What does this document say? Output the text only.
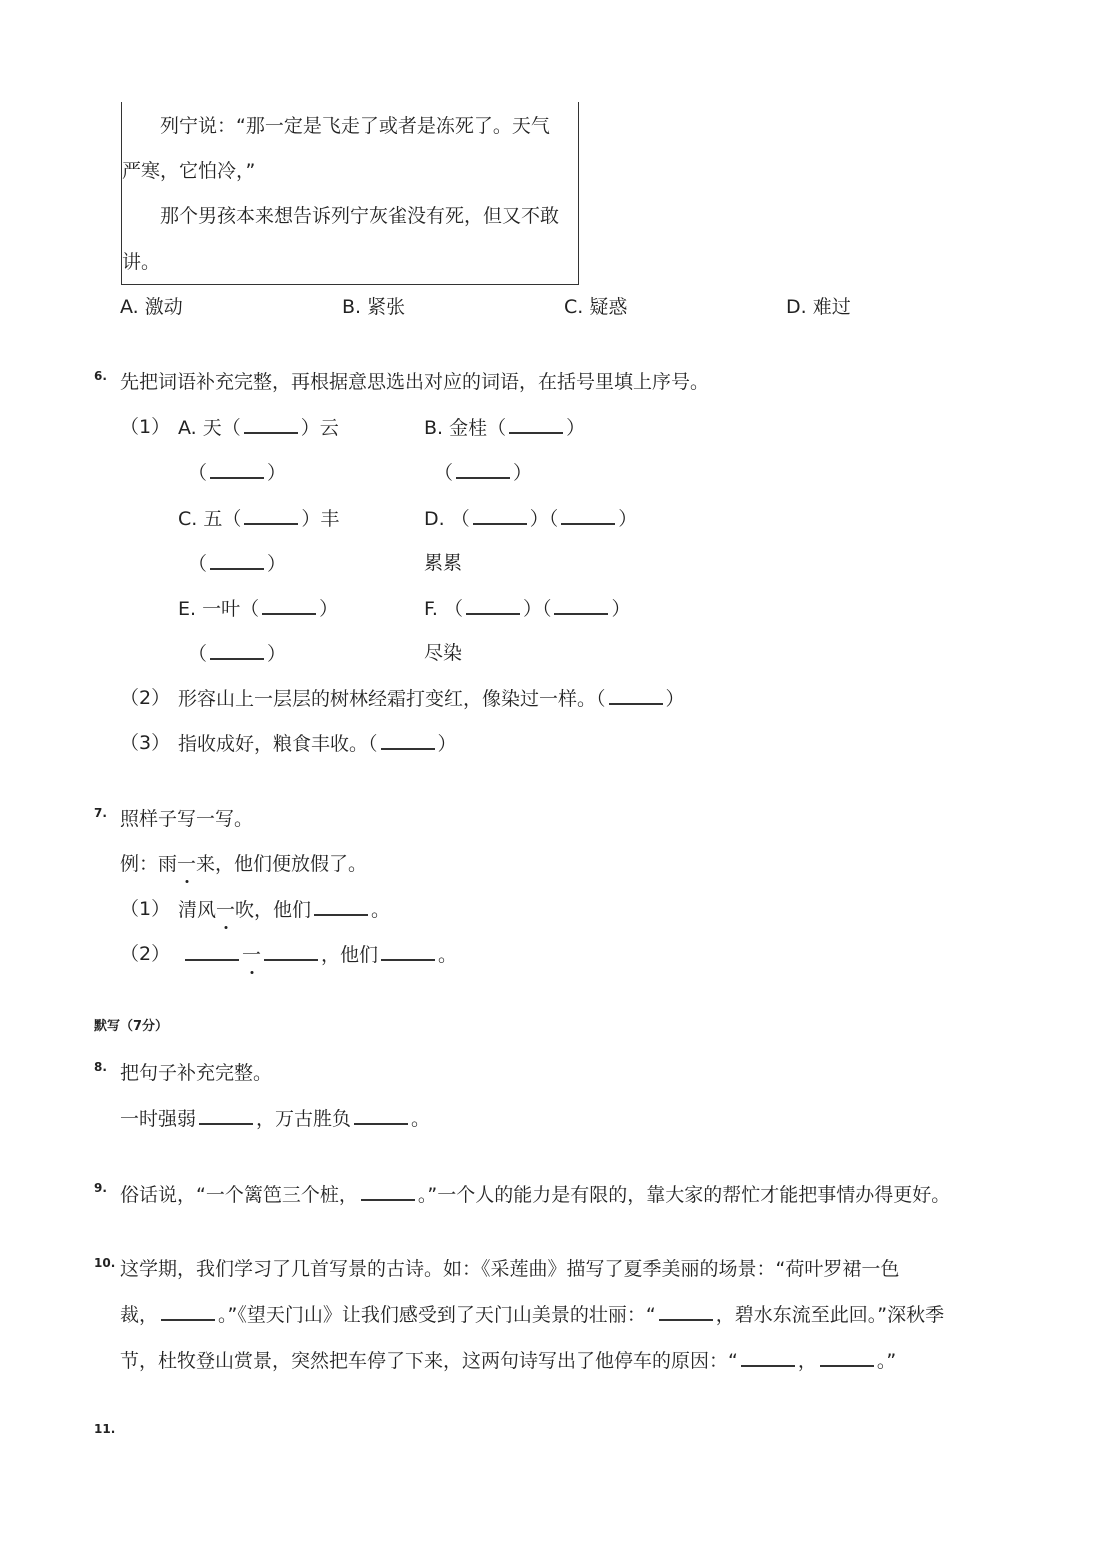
列宁说：“那一定是飞走了或者是冻死了。天气
严寒，它怕冷，”
那个男孩本来想告诉列宁灰雀没有死，但又不敢
讲。
A. 激动	B. 紧张	C. 疑惑	D. 难过
6. 先把词语补充完整，再根据意思选出对应的词语，在括号里填上序号。
（1） A. 天（	）云	B. 金桂（	）
（	）	（	）
C. 五（	）丰	D. （	）（	）
（	）	累累
E. 一叶（	）	F. （	）（	）
（	）	尽染
（2） 形容山上一层层的树林经霜打变红，像染过一样。（	）
（3） 指收成好，粮食丰收。（	）
7. 照样子写一写。
例：雨一来，他们便放假了。
（1） 清风一吹，他们	。
（2）	一	，他们	。
默写（7分）
8. 把句子补充完整。
一时强弱	，万古胜负	。
9. 俗话说，“一个篱笆三个桩，	。”一个人的能力是有限的，靠大家的帮忙才能把事情办得更好。
10. 这学期，我们学习了几首写景的古诗。如：《采莲曲》描写了夏季美丽的场景：“荷叶罗裙一色
裁，	。”《望天门山》让我们感受到了天门山美景的壮丽：“	，碧水东流至此回。”深秋季
节，杜牧登山赏景，突然把车停了下来，这两句诗写出了他停车的原因：“	，	。”
11.
